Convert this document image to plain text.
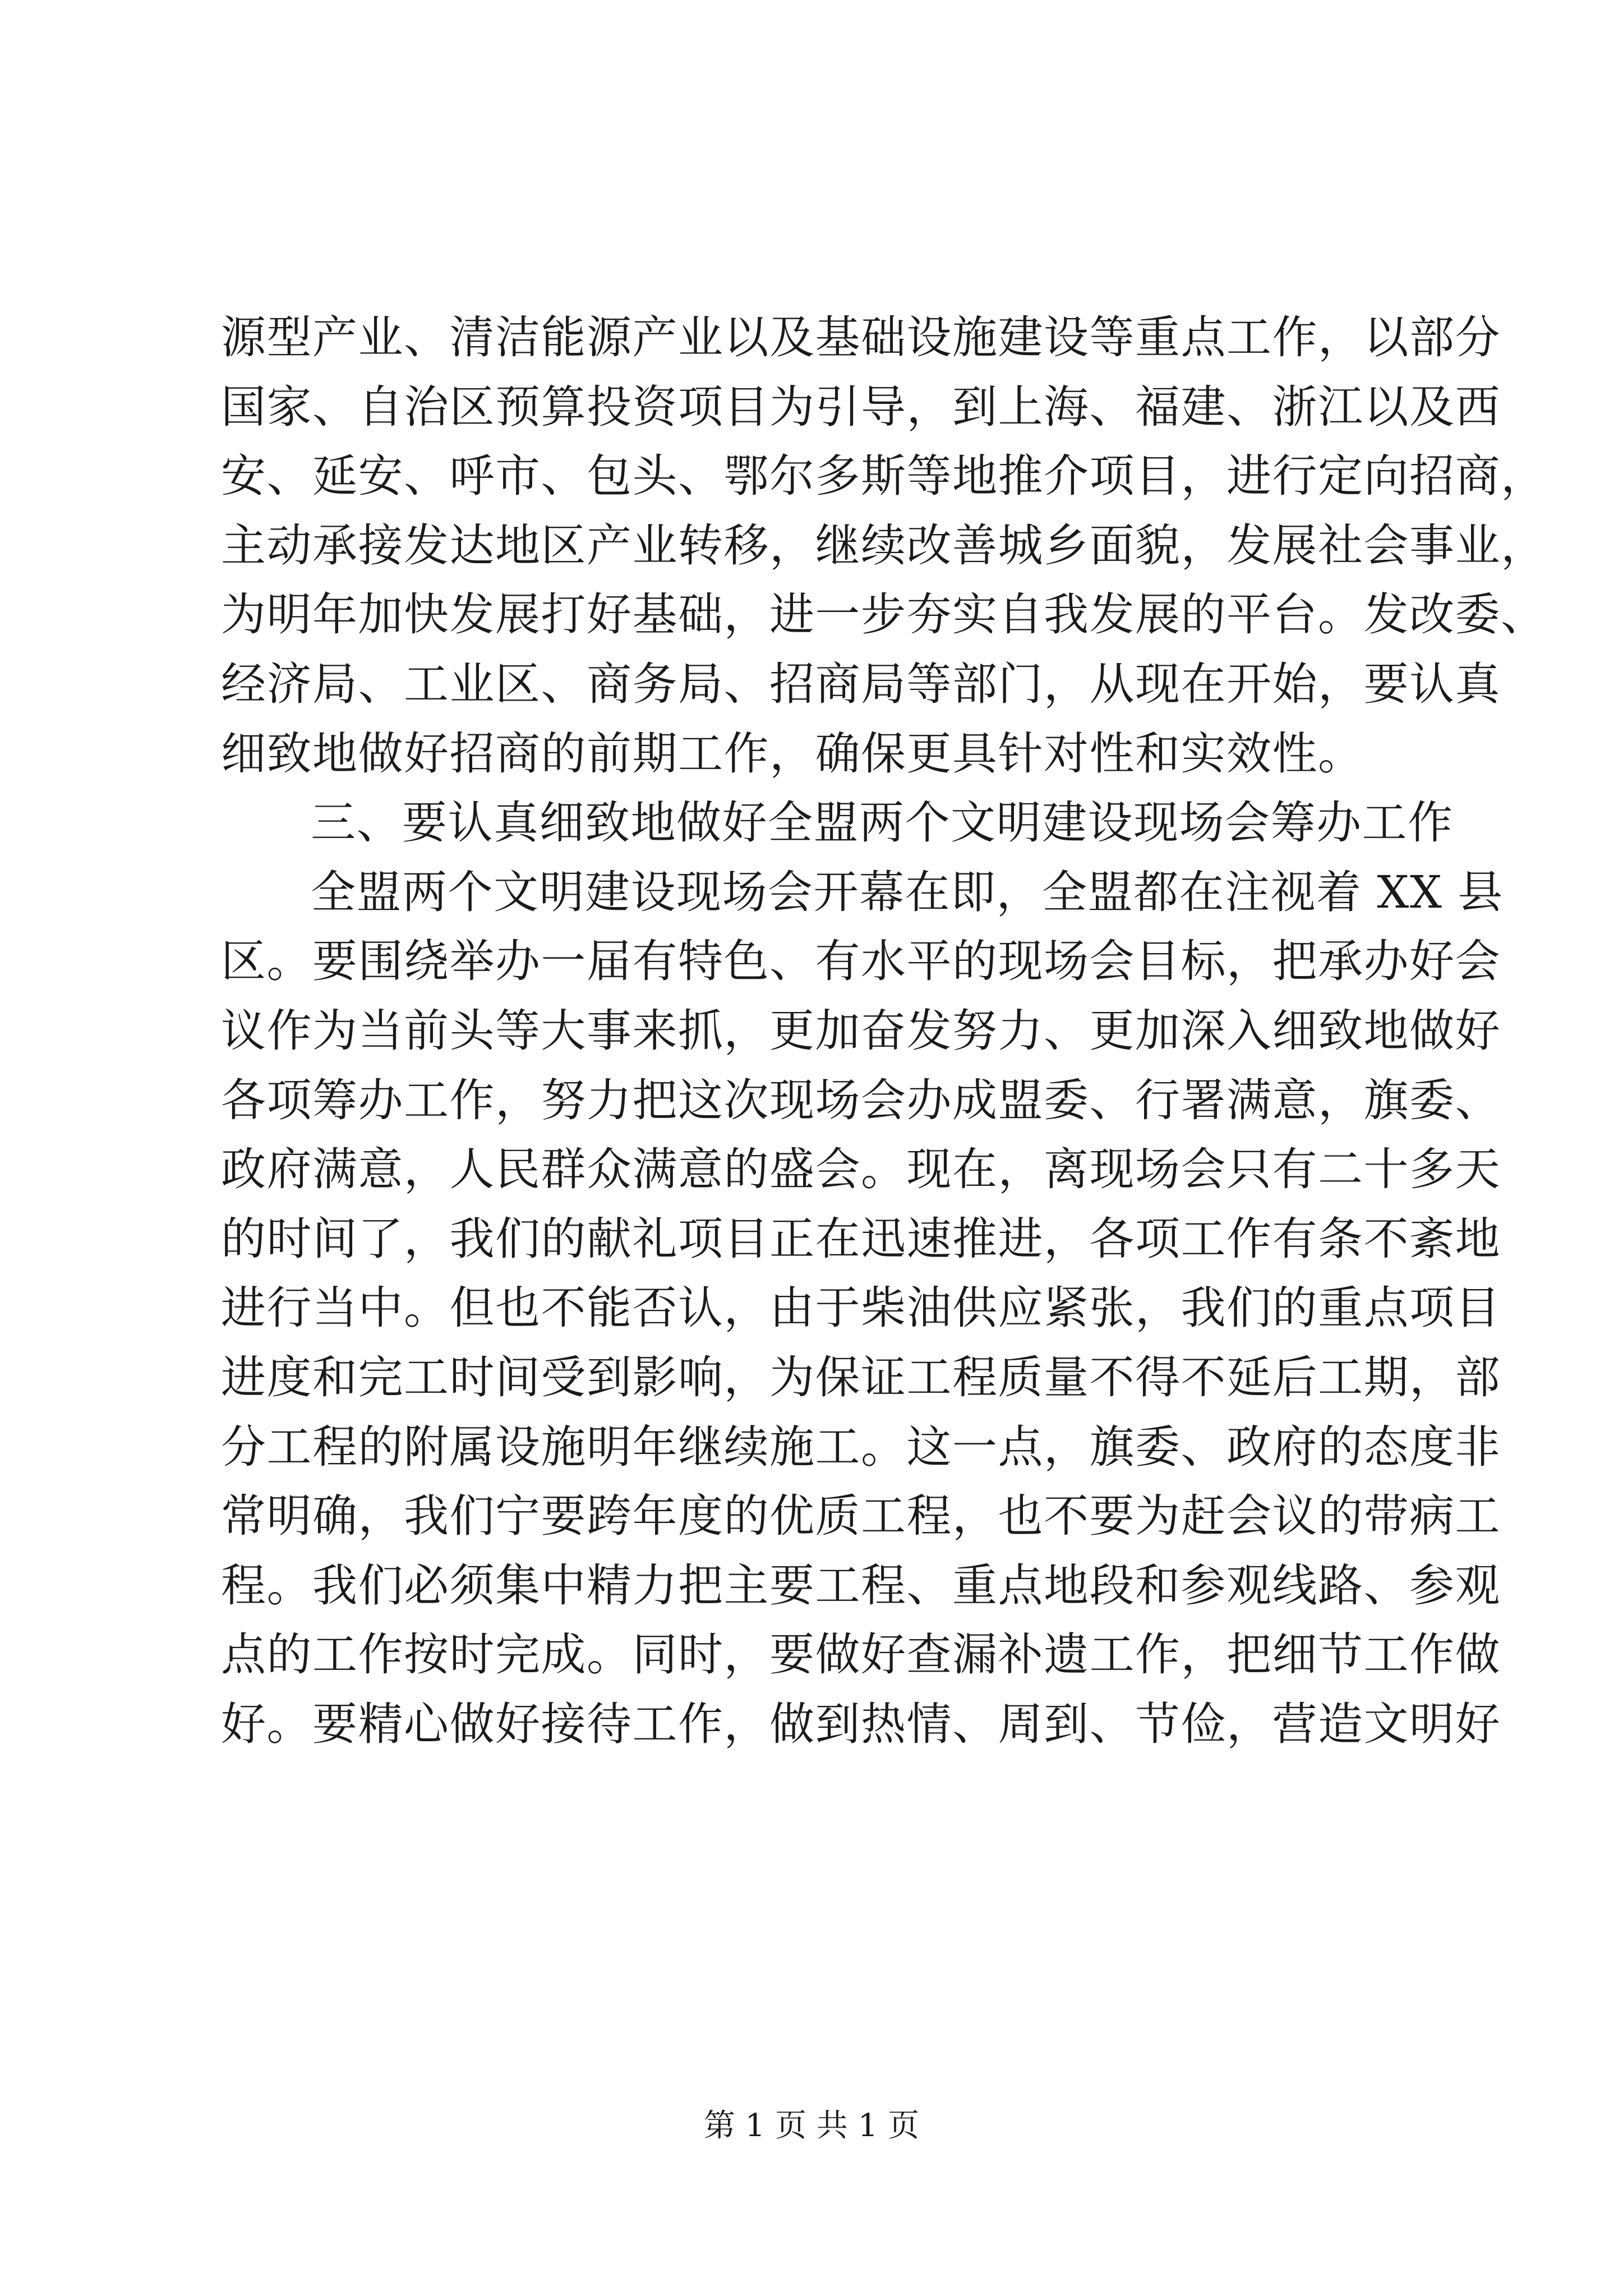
源型产业、清洁能源产业以及基础设施建设等重点工作，以部分
国家、自治区预算投资项目为引导，到上海、福建、浙江以及西
安、延安、呼市、包头、鄂尔多斯等地推介项目，进行定向招商，
主动承接发达地区产业转移，继续改善城乡面貌，发展社会事业，
为明年加快发展打好基础，进一步夯实自我发展的平台。发改委、
经济局、工业区、商务局、招商局等部门，从现在开始，要认真
细致地做好招商的前期工作，确保更具针对性和实效性。
三、要认真细致地做好全盟两个文明建设现场会筹办工作
全盟两个文明建设现场会开幕在即，全盟都在注视着 XX 县
区。要围绕举办一届有特色、有水平的现场会目标，把承办好会
议作为当前头等大事来抓，更加奋发努力、更加深入细致地做好
各项筹办工作，努力把这次现场会办成盟委、行署满意，旗委、
政府满意，人民群众满意的盛会。现在，离现场会只有二十多天
的时间了，我们的献礼项目正在迅速推进，各项工作有条不紊地
进行当中。但也不能否认，由于柴油供应紧张，我们的重点项目
进度和完工时间受到影响，为保证工程质量不得不延后工期，部
分工程的附属设施明年继续施工。这一点，旗委、政府的态度非
常明确，我们宁要跨年度的优质工程，也不要为赶会议的带病工
程。我们必须集中精力把主要工程、重点地段和参观线路、参观
点的工作按时完成。同时，要做好查漏补遗工作，把细节工作做
好。要精心做好接待工作，做到热情、周到、节俭，营造文明好
第 1 页 共 1 页
